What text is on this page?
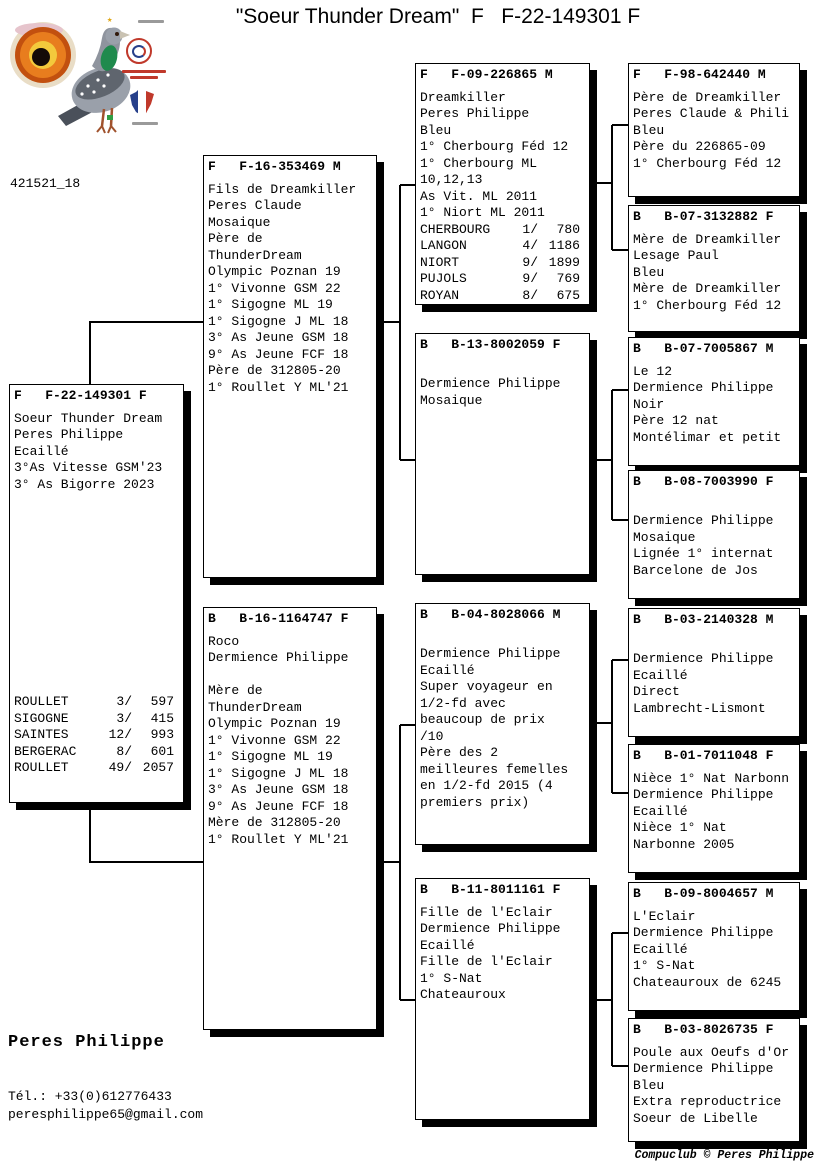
"Soeur Thunder Dream"  F   F-22-149301 F
★
421521_18
F   F-22-149301 F
Soeur Thunder Dream
Peres Philippe
Ecaillé
3°As Vitesse GSM'23
3° As Bigorre 2023
ROULLET	3/	597
SIGOGNE	3/	415
SAINTES	12/	993
BERGERAC	8/	601
ROULLET	49/ 2057
F   F-16-353469 M
Fils de Dreamkiller
Peres Claude
Mosaique
Père de
ThunderDream
Olympic Poznan 19
1° Vivonne GSM 22
1° Sigogne ML 19
1° Sigogne J ML 18
3° As Jeune GSM 18
9° As Jeune FCF 18
Père de 312805-20
1° Roullet Y ML'21
B   B-16-1164747 F
Roco
Dermience Philippe
Mère de
ThunderDream
Olympic Poznan 19
1° Vivonne GSM 22
1° Sigogne ML 19
1° Sigogne J ML 18
3° As Jeune GSM 18
9° As Jeune FCF 18
Mère de 312805-20
1° Roullet Y ML'21
F   F-09-226865 M
Dreamkiller
Peres Philippe
Bleu
1° Cherbourg Féd 12
1° Cherbourg ML
10,12,13
As Vit. ML 2011
1° Niort ML 2011
CHERBOURG	1/	780
LANGON	4/ 1186
NIORT	9/ 1899
PUJOLS	9/	769
ROYAN	8/	675
B   B-13-8002059 F
Dermience Philippe
Mosaique
B   B-04-8028066 M
Dermience Philippe
Ecaillé
Super voyageur en
1/2-fd avec
beaucoup de prix
/10
Père des 2
meilleures femelles
en 1/2-fd 2015 (4
premiers prix)
B   B-11-8011161 F
Fille de l'Eclair
Dermience Philippe
Ecaillé
Fille de l'Eclair
1° S-Nat
Chateauroux
F   F-98-642440 M
Père de Dreamkiller
Peres Claude & Phili
Bleu
Père du 226865-09
1° Cherbourg Féd 12
B   B-07-3132882 F
Mère de Dreamkiller
Lesage Paul
Bleu
Mère de Dreamkiller
1° Cherbourg Féd 12
B   B-07-7005867 M
Le 12
Dermience Philippe
Noir
Père 12 nat
Montélimar et petit
B   B-08-7003990 F
Dermience Philippe
Mosaique
Lignée 1° internat
Barcelone de Jos
B   B-03-2140328 M
Dermience Philippe
Ecaillé
Direct
Lambrecht-Lismont
B   B-01-7011048 F
Nièce 1° Nat Narbonn
Dermience Philippe
Ecaillé
Nièce 1° Nat
Narbonne 2005
B   B-09-8004657 M
L'Eclair
Dermience Philippe
Ecaillé
1° S-Nat
Chateauroux de 6245
B   B-03-8026735 F
Poule aux Oeufs d'Or
Dermience Philippe
Bleu
Extra reproductrice
Soeur de Libelle
Peres Philippe
Tél.: +33(0)612776433
peresphilippe65@gmail.com
Compuclub © Peres Philippe
